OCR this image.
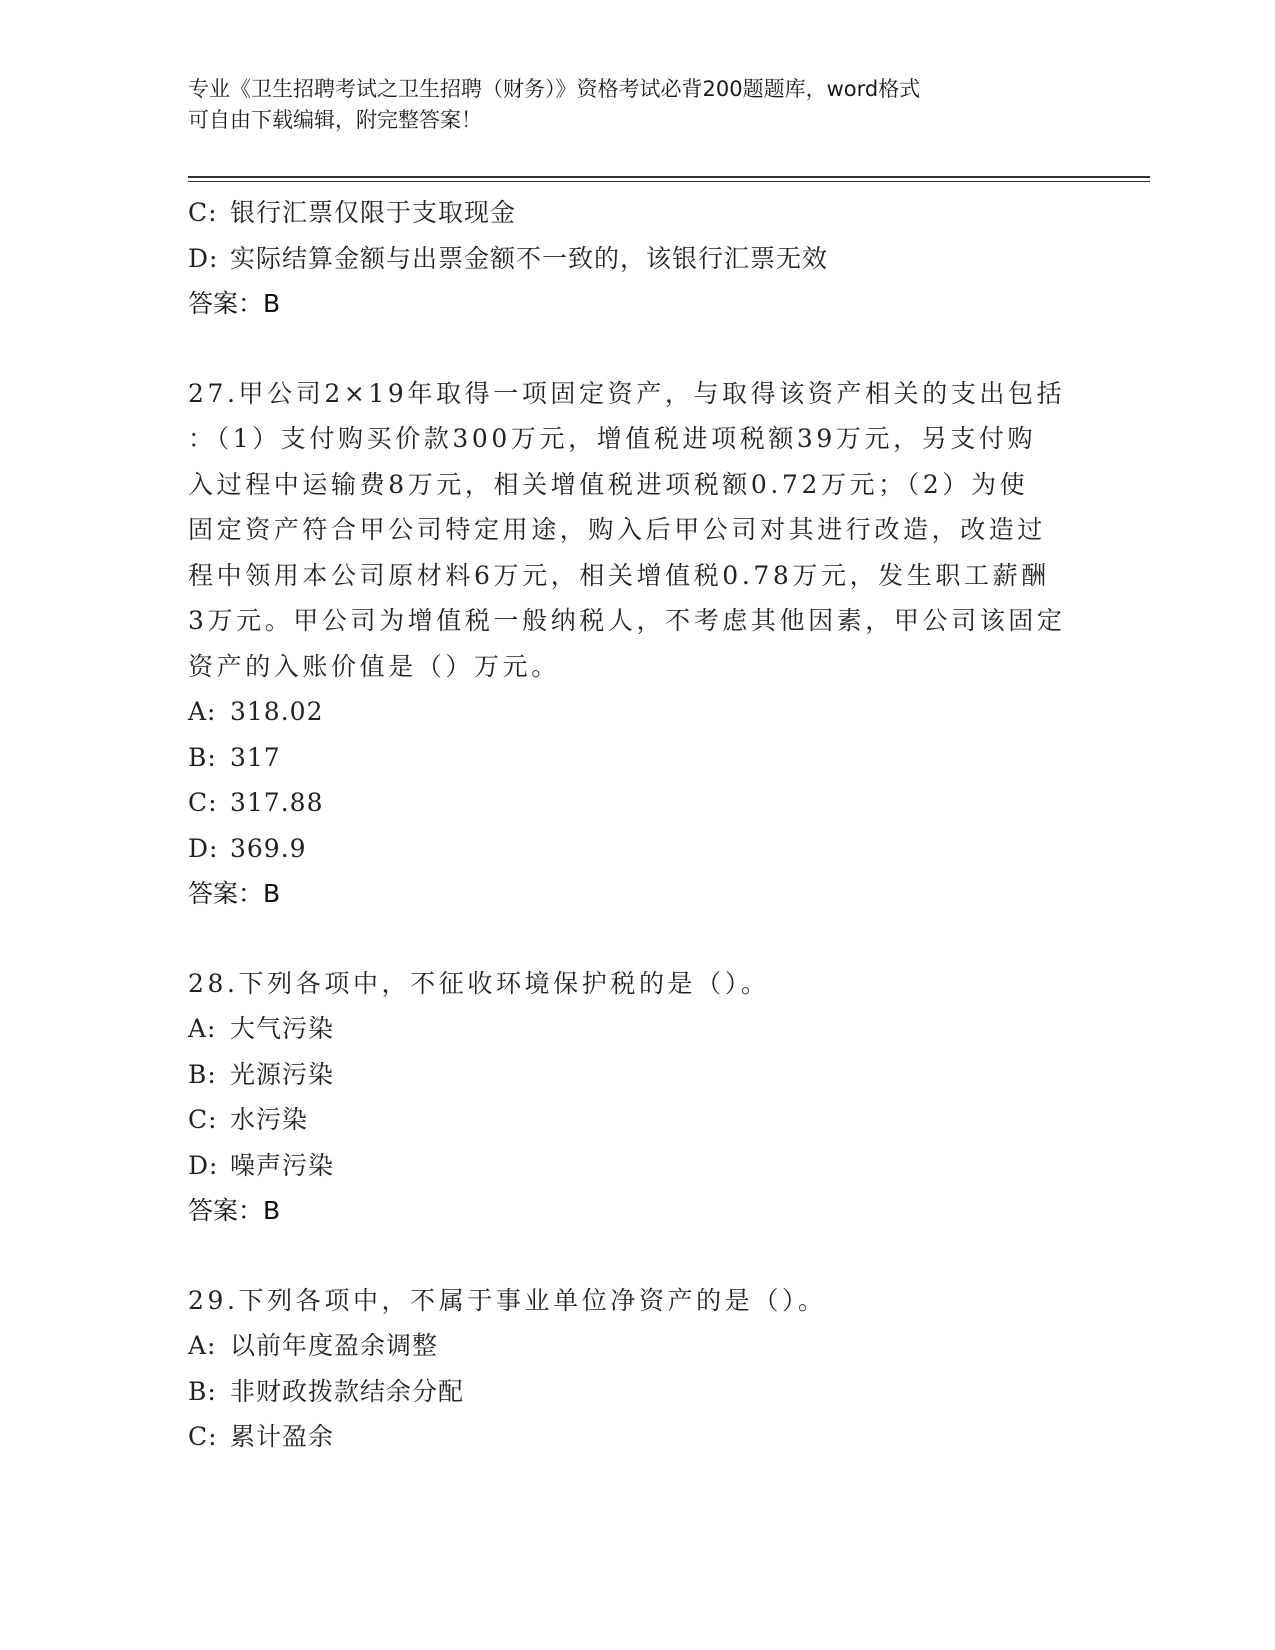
专业《卫生招聘考试之卫生招聘（财务）》资格考试必背200题题库，word格式
可自由下载编辑，附完整答案！
C: 银行汇票仅限于支取现金
D: 实际结算金额与出票金额不一致的，该银行汇票无效
答案：B
27.甲公司2×19年取得一项固定资产，与取得该资产相关的支出包括
：（1）支付购买价款300万元，增值税进项税额39万元，另支付购
入过程中运输费8万元，相关增值税进项税额0.72万元；（2）为使
固定资产符合甲公司特定用途，购入后甲公司对其进行改造，改造过
程中领用本公司原材料6万元，相关增值税0.78万元，发生职工薪酬
3万元。甲公司为增值税一般纳税人，不考虑其他因素，甲公司该固定
资产的入账价值是（）万元。
A: 318.02
B: 317
C: 317.88
D: 369.9
答案：B
28.下列各项中，不征收环境保护税的是（）。
A: 大气污染
B: 光源污染
C: 水污染
D: 噪声污染
答案：B
29.下列各项中，不属于事业单位净资产的是（）。
A: 以前年度盈余调整
B: 非财政拨款结余分配
C: 累计盈余
